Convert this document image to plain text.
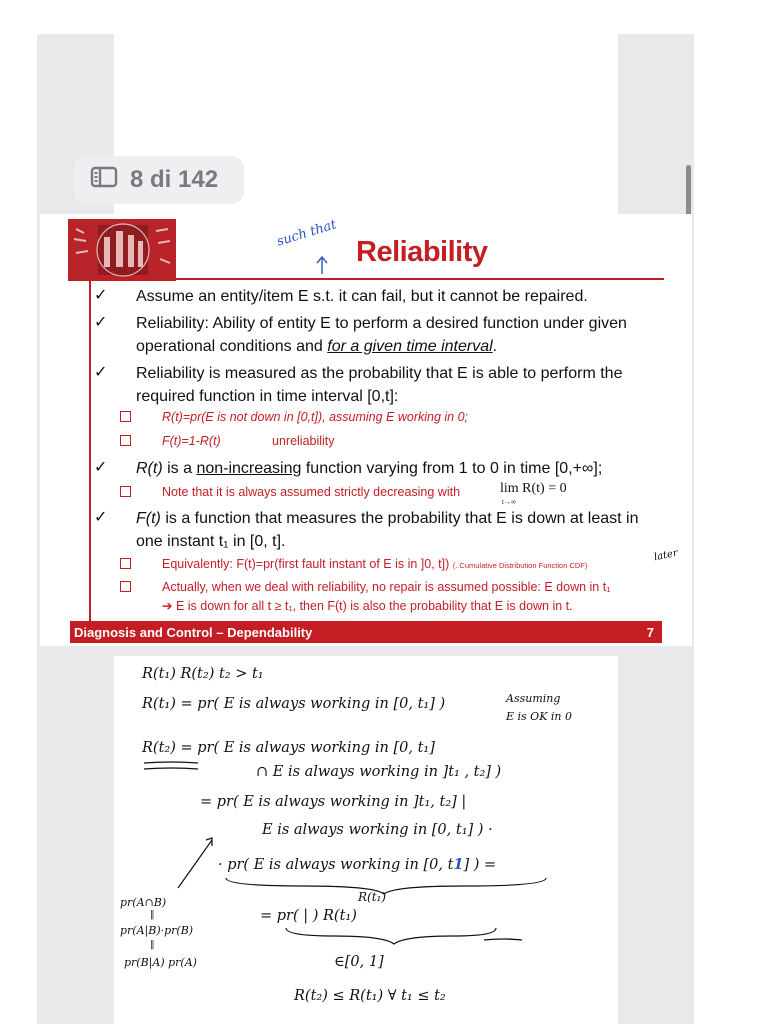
8 di 142
such that
Reliability
✓ Assume an entity/item E s.t. it can fail, but it cannot be repaired.
✓ Reliability: Ability of entity E to perform a desired function under given
operational conditions and for a given time interval.
✓ Reliability is measured as the probability that E is able to perform the
required function in time interval [0,t]:
R(t)=pr(E is not down in [0,t]), assuming E working in 0;
F(t)=1-R(t)	unreliability
✓ R(t) is a non-increasing function varying from 1 to 0 in time [0,+∞];
Note that it is always assumed strictly decreasing with	lim R(t) = 0
t→∞
✓ F(t) is a function that measures the probability that E is down at least in
one instant t₁ in [0, t].
Equivalently: F(t)=pr(first fault instant of E is in ]0, t]) (..Cumulative Distribution Function CDF)
later
Actually, when we deal with reliability, no repair is assumed possible: E down in t₁
➔ E is down for all t ≥ t₁, then F(t) is also the probability that E is down in t.
Diagnosis and Control – Dependability	7
R(t₁) R(t₂) t₂ > t₁
R(t₁) = pr( E is always working in [0, t₁] )	Assuming
E is OK in 0
R(t₂) = pr( E is always working in [0, t₁]
∩ E is always working in ]t₁ , t₂] )
= pr( E is always working in ]t₁, t₂] |
E is always working in [0, t₁] ) ·
· pr( E is always working in [0, t1] ) =
R(t₁)
pr(A∩B)
‖
pr(A|B)·pr(B)
‖
pr(B|A) pr(A)
= pr( | ) R(t₁)
∈[0, 1]
R(t₂) ≤ R(t₁) ∀ t₁ ≤ t₂
